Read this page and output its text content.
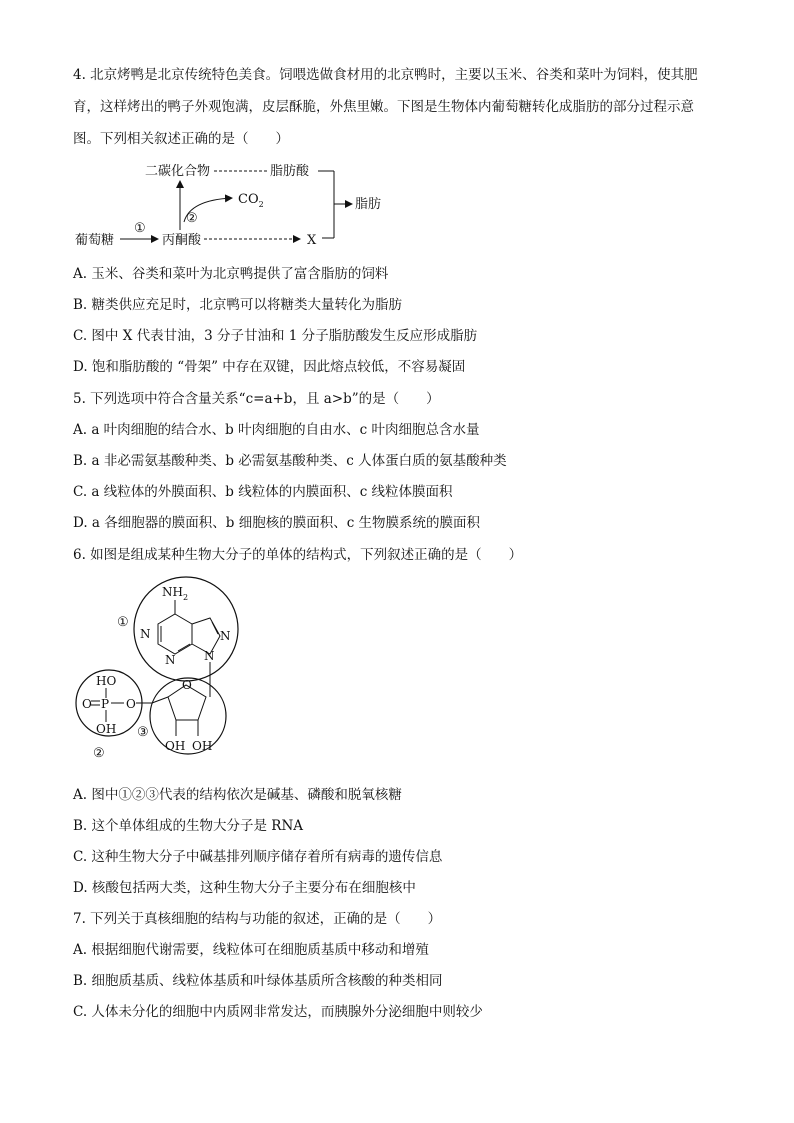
4. 北京烤鸭是北京传统特色美食。饲喂选做食材用的北京鸭时，主要以玉米、谷类和菜叶为饲料，使其肥
育，这样烤出的鸭子外观饱满，皮层酥脆，外焦里嫩。下图是生物体内葡萄糖转化成脂肪的部分过程示意
图。下列相关叙述正确的是（　　）
二碳化合物	脂肪酸
脂肪
$CO_2$
②
①
葡萄糖	丙酮酸	X
A. 玉米、谷类和菜叶为北京鸭提供了富含脂肪的饲料
B. 糖类供应充足时，北京鸭可以将糖类大量转化为脂肪
C. 图中 X 代表甘油，3 分子甘油和 1 分子脂肪酸发生反应形成脂肪
D. 饱和脂肪酸的 “骨架” 中存在双键，因此熔点较低，不容易凝固
5. 下列选项中符合含量关系“c=a+b，且 a>b”的是（　　）
A. a 叶肉细胞的结合水、b 叶肉细胞的自由水、c 叶肉细胞总含水量
B. a 非必需氨基酸种类、b 必需氨基酸种类、c 人体蛋白质的氨基酸种类
C. a 线粒体的外膜面积、b 线粒体的内膜面积、c 线粒体膜面积
D. a 各细胞器的膜面积、b 细胞核的膜面积、c 生物膜系统的膜面积
6. 如图是组成某种生物大分子的单体的结构式，下列叙述正确的是（　　）
①
②
③
$NH_2$
N
N
N
N
HO
O P
OH
O
O
OH OH
A. 图中①②③代表的结构依次是碱基、磷酸和脱氧核糖
B. 这个单体组成的生物大分子是 RNA
C. 这种生物大分子中碱基排列顺序储存着所有病毒的遗传信息
D. 核酸包括两大类，这种生物大分子主要分布在细胞核中
7. 下列关于真核细胞的结构与功能的叙述，正确的是（　　）
A. 根据细胞代谢需要，线粒体可在细胞质基质中移动和增殖
B. 细胞质基质、线粒体基质和叶绿体基质所含核酸的种类相同
C. 人体未分化的细胞中内质网非常发达，而胰腺外分泌细胞中则较少
